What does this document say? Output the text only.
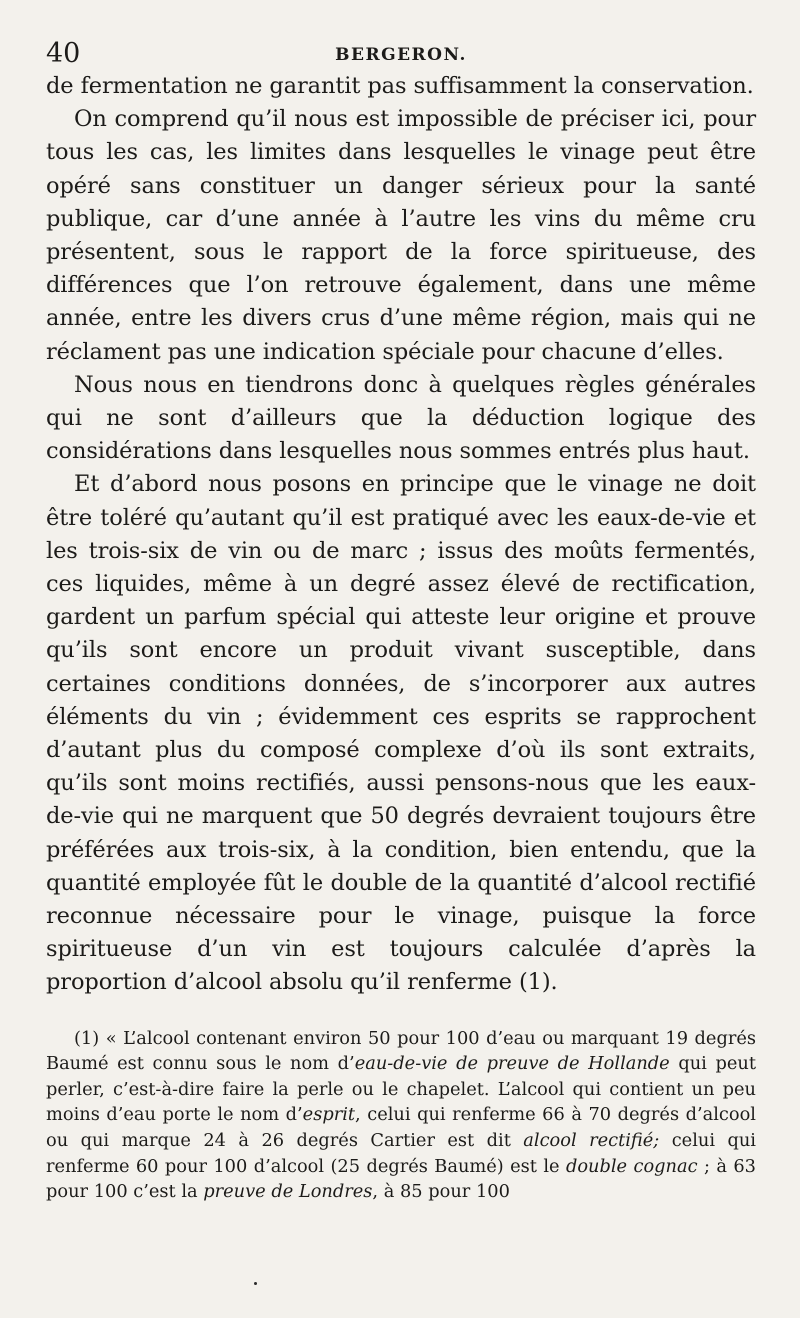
40	BERGERON.

de fermentation ne garantit pas suffisamment la conservation.

On comprend qu’il nous est impossible de préciser ici, pour tous les cas, les limites dans lesquelles le vinage peut être opéré sans constituer un danger sérieux pour la santé publique, car d’une année à l’autre les vins du même cru présentent, sous le rapport de la force spiritueuse, des différences que l’on retrouve également, dans une même année, entre les divers crus d’une même région, mais qui ne réclament pas une indication spéciale pour chacune d’elles.

Nous nous en tiendrons donc à quelques règles générales qui ne sont d’ailleurs que la déduction logique des considérations dans lesquelles nous sommes entrés plus haut.

Et d’abord nous posons en principe que le vinage ne doit être toléré qu’autant qu’il est pratiqué avec les eaux-de-vie et les trois-six de vin ou de marc ; issus des moûts fermentés, ces liquides, même à un degré assez élevé de rectification, gardent un parfum spécial qui atteste leur origine et prouve qu’ils sont encore un produit vivant susceptible, dans certaines conditions données, de s’incorporer aux autres éléments du vin ; évidemment ces esprits se rapprochent d’autant plus du composé complexe d’où ils sont extraits, qu’ils sont moins rectifiés, aussi pensons-nous que les eaux-de-vie qui ne marquent que 50 degrés devraient toujours être préférées aux trois-six, à la condition, bien entendu, que la quantité employée fût le double de la quantité d’alcool rectifié reconnue nécessaire pour le vinage, puisque la force spiritueuse d’un vin est toujours calculée d’après la proportion d’alcool absolu qu’il renferme (1).

(1) « L’alcool contenant environ 50 pour 100 d’eau ou marquant 19 degrés Baumé est connu sous le nom d’eau-de-vie de preuve de Hollande qui peut perler, c’est-à-dire faire la perle ou le chapelet. L’alcool qui contient un peu moins d’eau porte le nom d’esprit, celui qui renferme 66 à 70 degrés d’alcool ou qui marque 24 à 26 degrés Cartier est dit alcool rectifié; celui qui renferme 60 pour 100 d’alcool (25 degrés Baumé) est le double cognac ; à 63 pour 100 c’est la preuve de Londres, à 85 pour 100
